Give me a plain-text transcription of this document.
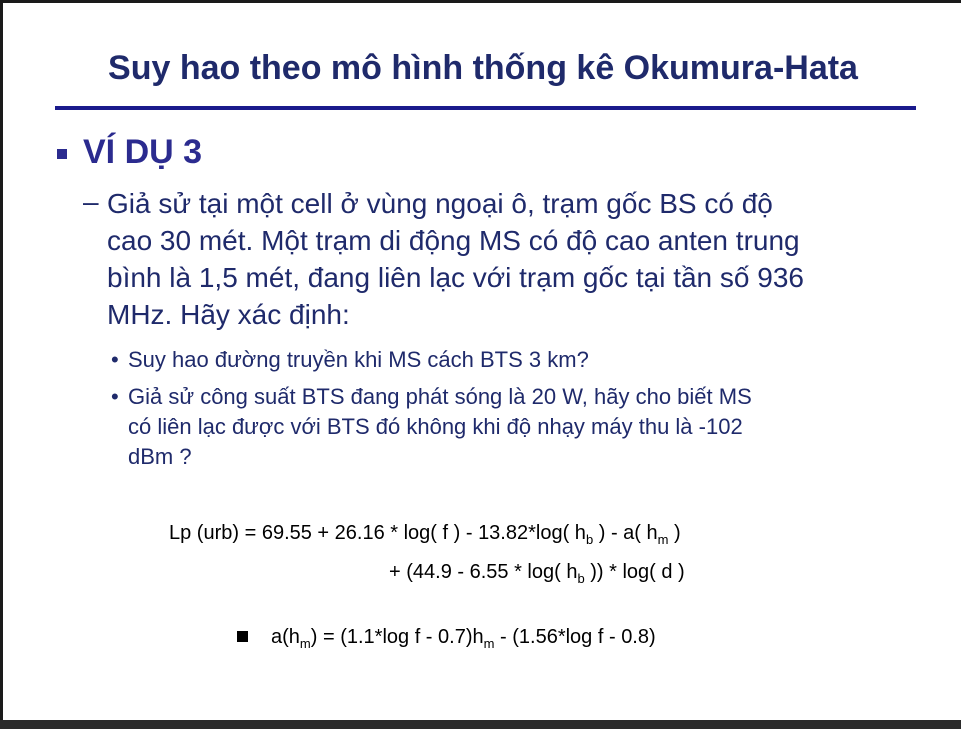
Suy hao theo mô hình thống kê Okumura-Hata
VÍ DỤ 3
– Giả sử tại một cell ở vùng ngoại ô, trạm gốc BS có độ
cao 30 mét. Một trạm di động MS có độ cao anten trung
bình là 1,5 mét, đang liên lạc với trạm gốc tại tần số 936
MHz. Hãy xác định:
• Suy hao đường truyền khi MS cách BTS 3 km?
• Giả sử công suất BTS đang phát sóng là 20 W, hãy cho biết MS
có liên lạc được với BTS đó không khi độ nhạy máy thu là -102
dBm ?
Lp (urb) = 69.55 + 26.16 * log( f ) - 13.82*log( $h_b$ ) - a( $h_m$ )
+ (44.9 - 6.55 * log( $h_b$ )) * log( d )
$a(h_m) = (1.1*\log$ f - $0.7)h_m - (1.56*\log$ f - 0.8)
